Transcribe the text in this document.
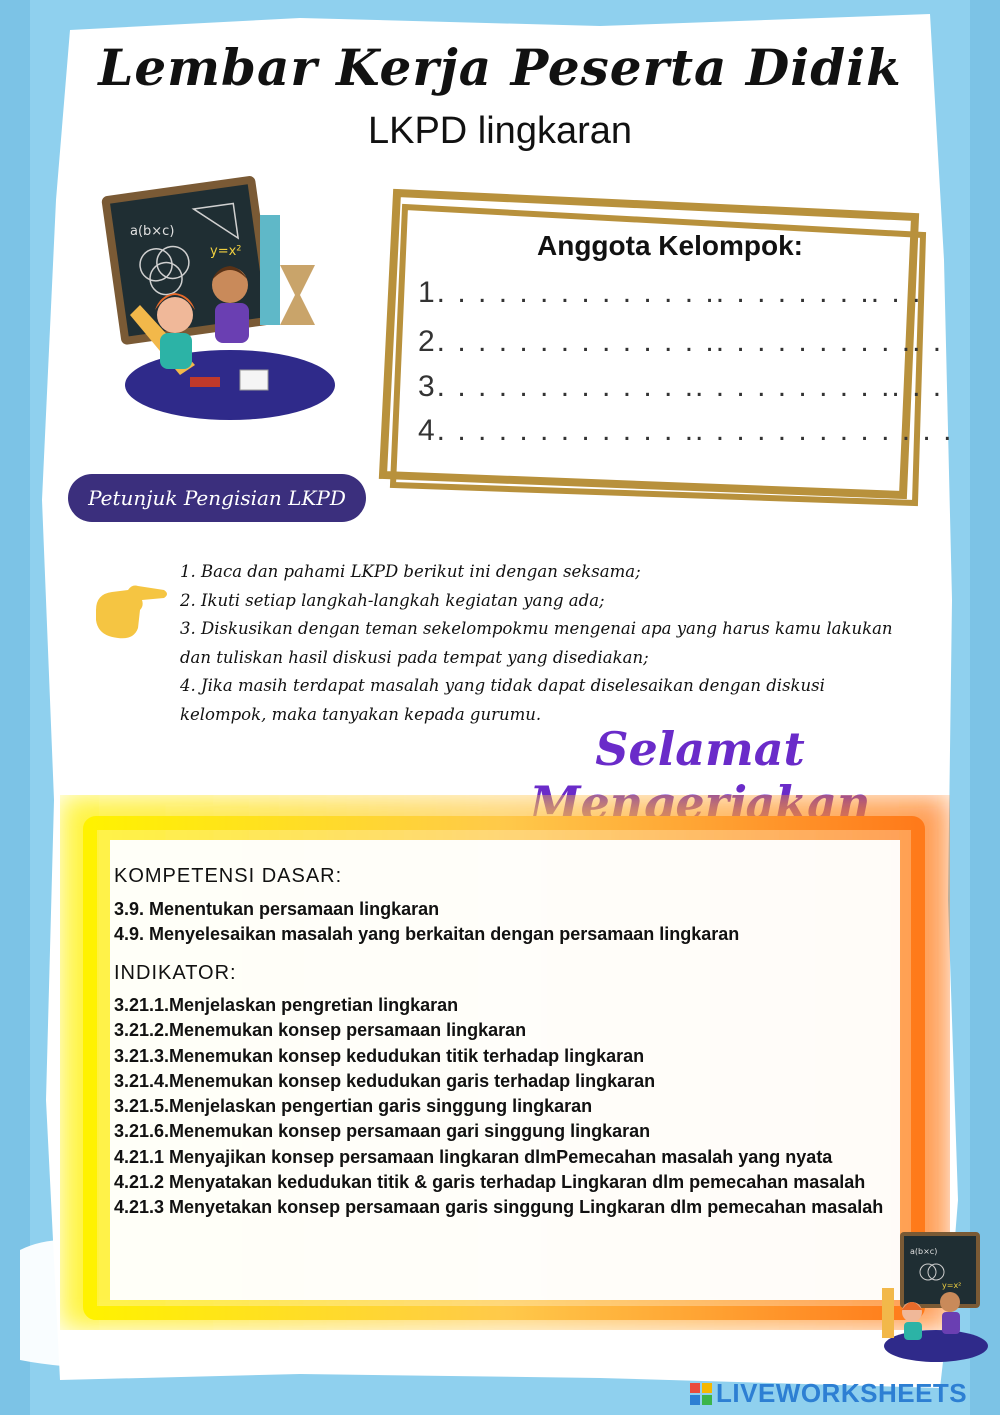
Lembar Kerja Peserta Didik
LKPD lingkaran
a(b×c)
y=x²	Anggota Kelompok:
1. . . . . . . . . . . . . .. . . . . . . .. . .
2. . . . . . . . . . . . . .. . . . . . . . . .. .
3. . . . . . . . . . . . .. . . . . . . . . .. . .
4. . . . . . . . . . . . .. . . . . . . . . . . . .
Petunjuk Pengisian LKPD
1. Baca dan pahami LKPD berikut ini dengan seksama;
2. Ikuti setiap langkah-langkah kegiatan yang ada;
3. Diskusikan dengan teman sekelompokmu mengenai apa yang harus kamu lakukan dan tuliskan hasil diskusi pada tempat yang disediakan;
4. Jika masih terdapat masalah yang tidak dapat diselesaikan dengan diskusi kelompok, maka tanyakan kepada gurumu.
Selamat
KOMPETENSI DASAR:
3.9. Menentukan persamaan lingkaran
4.9. Menyelesaikan masalah yang berkaitan dengan persamaan lingkaran
INDIKATOR:
3.21.1.Menjelaskan pengretian lingkaran
3.21.2.Menemukan konsep persamaan lingkaran
3.21.3.Menemukan konsep kedudukan titik terhadap lingkaran
3.21.4.Menemukan konsep kedudukan garis terhadap lingkaran
3.21.5.Menjelaskan pengertian garis singgung lingkaran
3.21.6.Menemukan konsep persamaan gari singgung lingkaran
4.21.1 Menyajikan konsep persamaan lingkaran dlmPemecahan masalah yang nyata
4.21.2 Menyatakan kedudukan titik & garis terhadap Lingkaran dlm pemecahan masalah
4.21.3 Menyetakan konsep persamaan garis singgung Lingkaran dlm pemecahan masalah
a(b×c)
y=x²
LIVEWORKSHEETS
